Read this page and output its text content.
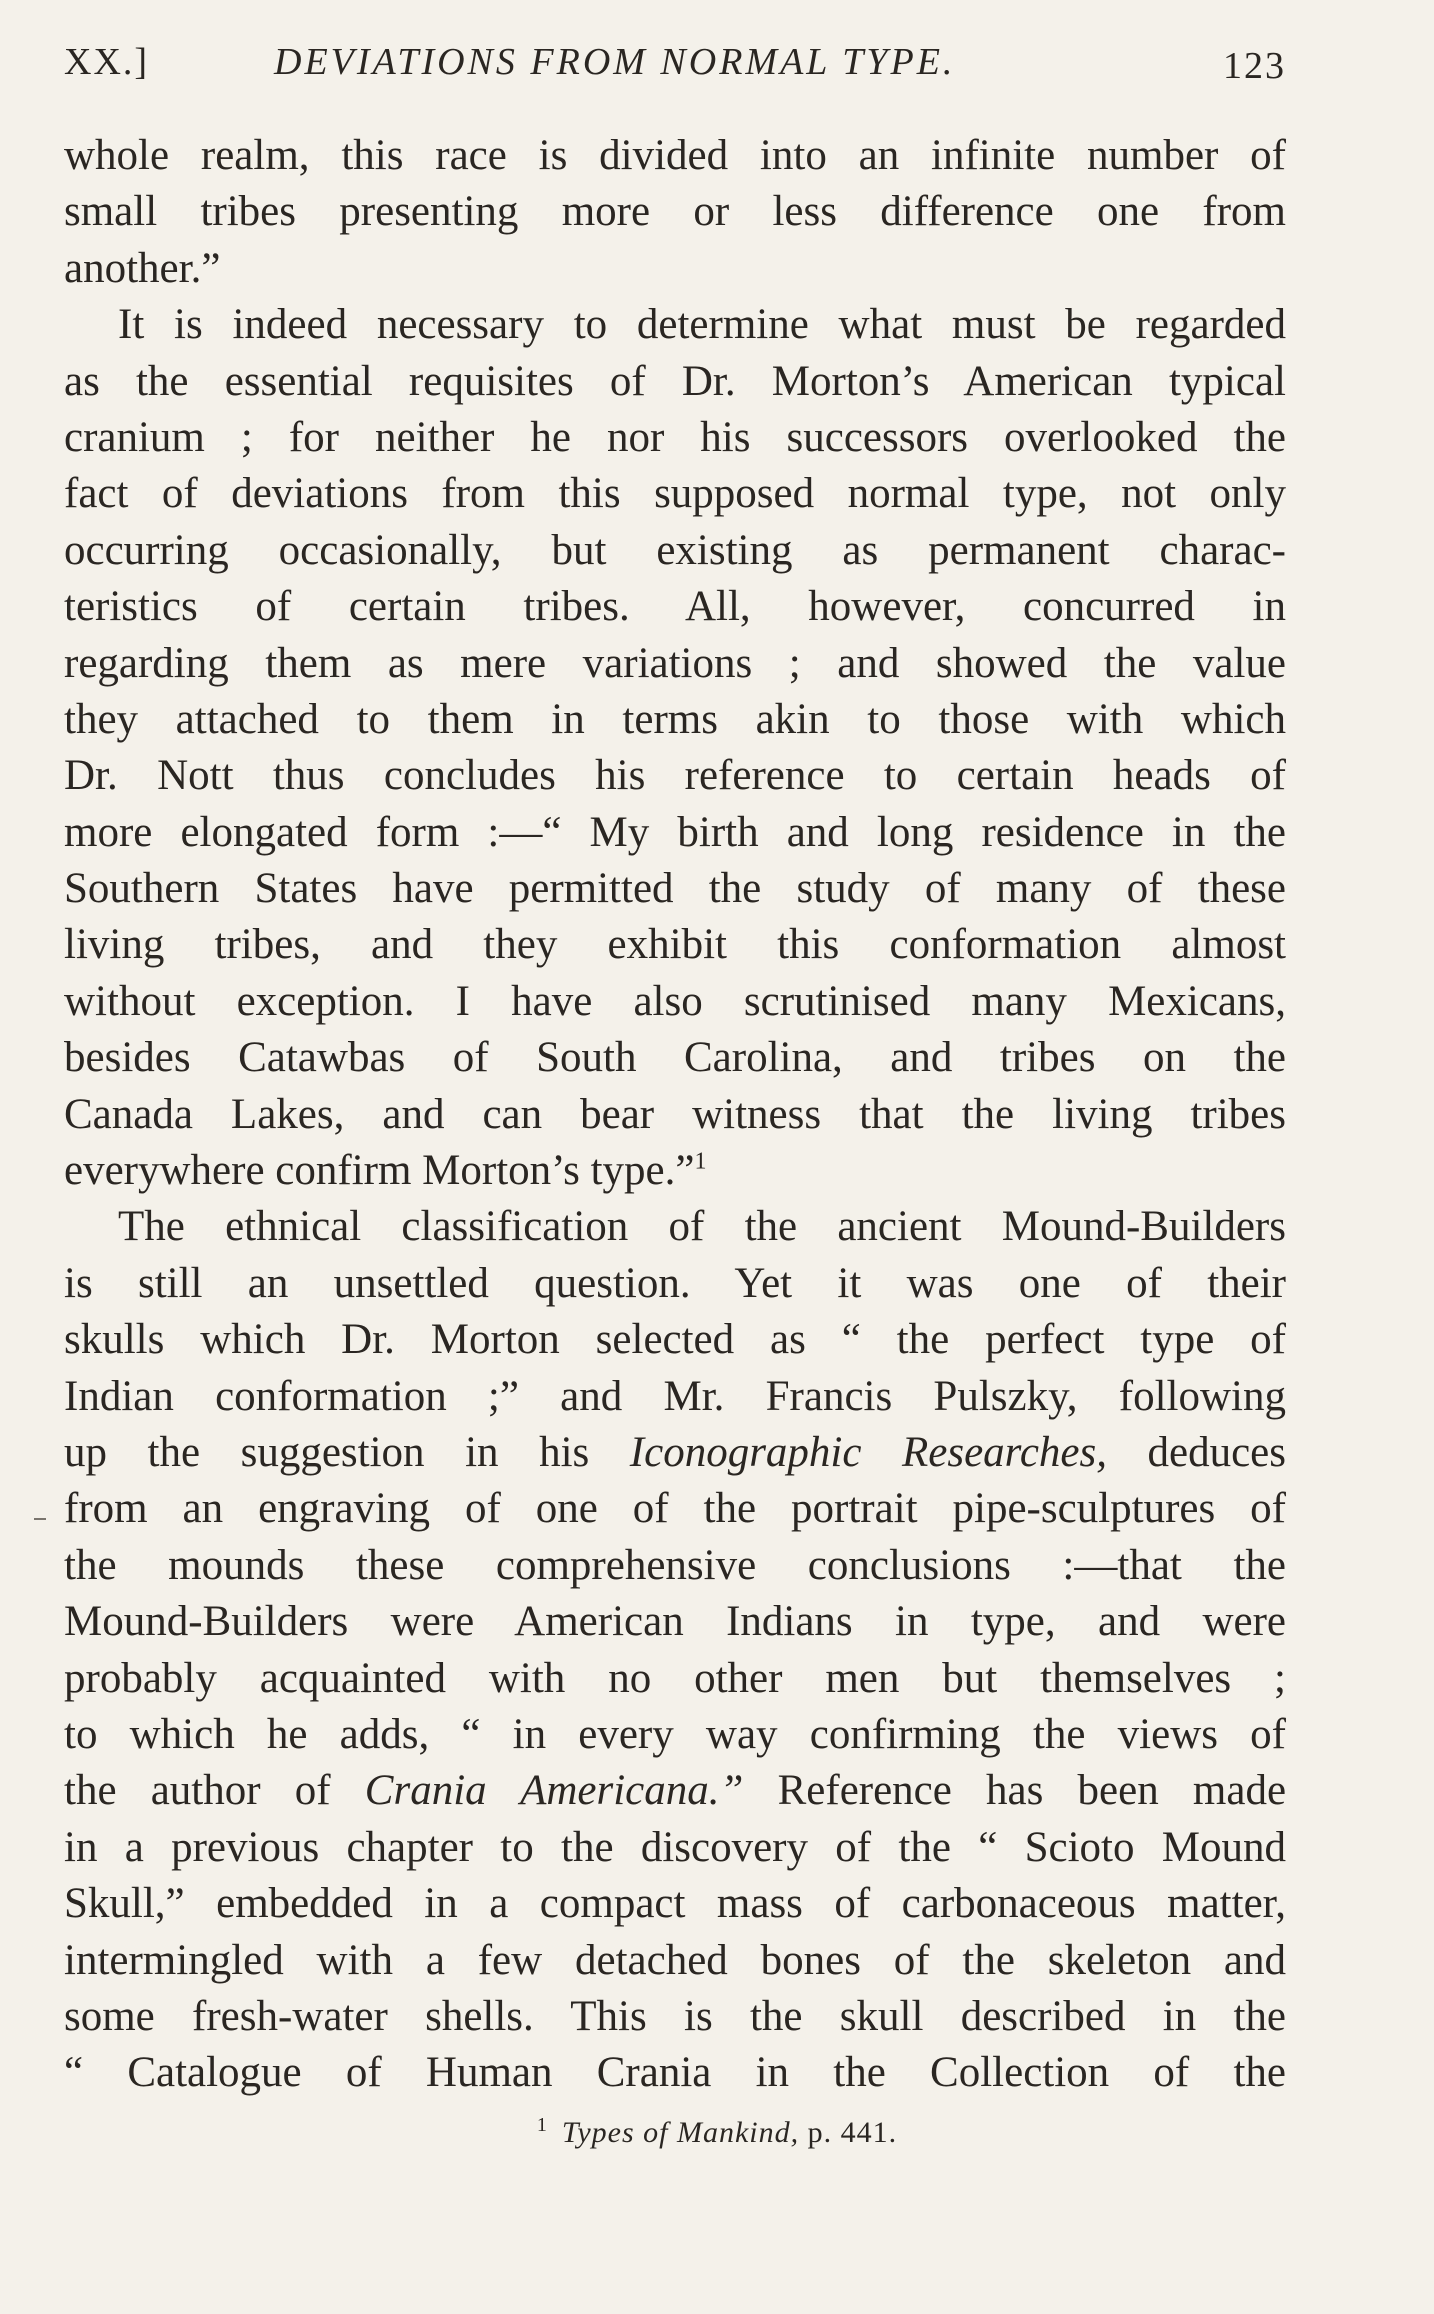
XX.]	DEVIATIONS FROM NORMAL TYPE.	123
whole realm, this race is divided into an infinite number of
small tribes presenting more or less difference one from
another.”
It is indeed necessary to determine what must be regarded
as the essential requisites of Dr. Morton’s American typical
cranium ; for neither he nor his successors overlooked the
fact of deviations from this supposed normal type, not only
occurring occasionally, but existing as permanent charac-
teristics of certain tribes. All, however, concurred in
regarding them as mere variations ; and showed the value
they attached to them in terms akin to those with which
Dr. Nott thus concludes his reference to certain heads of
more elongated form :—“ My birth and long residence in the
Southern States have permitted the study of many of these
living tribes, and they exhibit this conformation almost
without exception. I have also scrutinised many Mexicans,
besides Catawbas of South Carolina, and tribes on the
Canada Lakes, and can bear witness that the living tribes
everywhere confirm Morton’s type.”$^1$
The ethnical classification of the ancient Mound-Builders
is still an unsettled question. Yet it was one of their
skulls which Dr. Morton selected as “ the perfect type of
Indian conformation ;” and Mr. Francis Pulszky, following
up the suggestion in his Iconographic Researches, deduces
from an engraving of one of the portrait pipe-sculptures of
the mounds these comprehensive conclusions :—that the
Mound-Builders were American Indians in type, and were
probably acquainted with no other men but themselves ;
to which he adds, “ in every way confirming the views of
the author of Crania Americana.” Reference has been made
in a previous chapter to the discovery of the “ Scioto Mound
Skull,” embedded in a compact mass of carbonaceous matter,
intermingled with a few detached bones of the skeleton and
some fresh-water shells. This is the skull described in the
“ Catalogue of Human Crania in the Collection of the
$^1$ Types of Mankind, p. 441.
